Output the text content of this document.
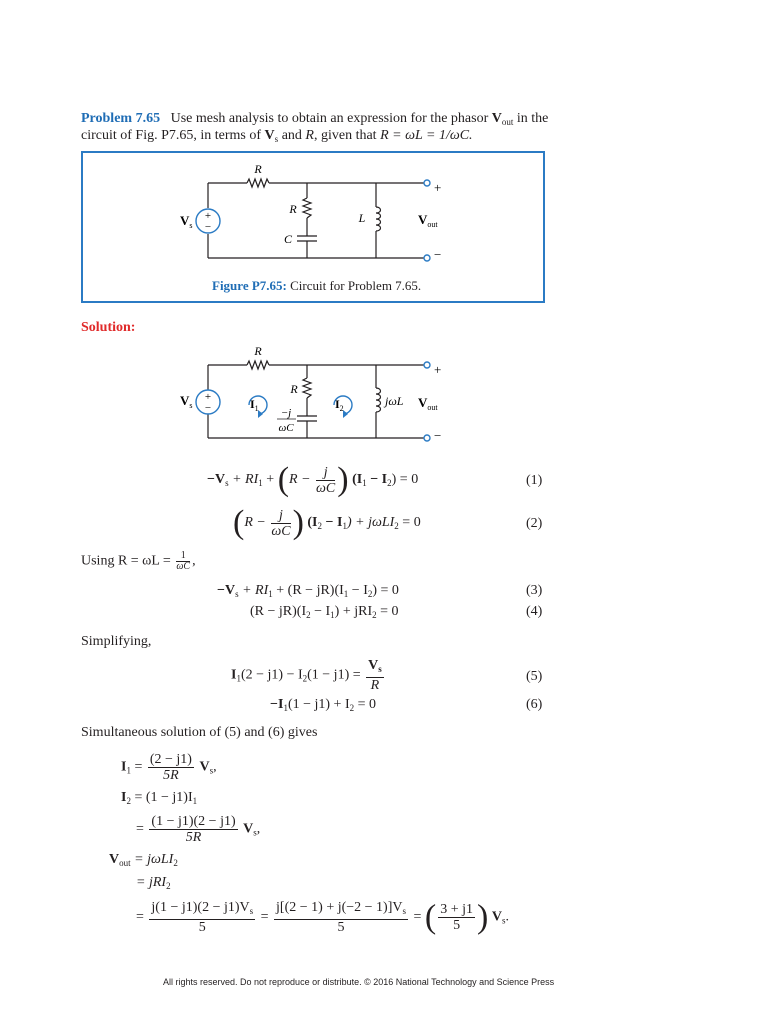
Problem 7.65 Use mesh analysis to obtain an expression for the phasor $V_{out}$ in the
circuit of Fig. P7.65, in terms of $V_s$ and R, given that R = ωL = 1/ωC.
+
−
R
R
C
L
$V_s$	$V_{out}$
+
−
Figure P7.65: Circuit for Problem 7.65.
Solution:
+
−
R
R
−j
ωC
jωL
$I_1$	$I_2$
$V_s$	$V_{out}$
+
−
$-V_s + RI_1 + (R - \frac{j}{\omega C}$ ) $(I_1 - I_2) = 0$	(1)
($R - \frac{j}{\omega C}$ ) $(I_2 - I_1) + j\omega LI_2 = 0$	(2)
Using $R = \omega L = \frac{1}{\omega C}$ ,
$-V_s + RI_1 + (R - jR)(I_1 - I_2) = 0$	(3)
$(R - jR)(I_2 - I_1) + jRI_2 = 0$	(4)
Simplifying,
$I_1(2 - j1) - I_2(1 - j1) = \frac{V_s}{R}$	(5)
$-I_1(1 - j1) + I_2 = 0$	(6)
Simultaneous solution of (5) and (6) gives
$I_1 = \frac{(2 - j1)}{5R} V_s$,
$I_2 = (1 - j1)I_1$
= $\frac{(1 - j1)(2 - j1)}{5R} V_s$,
$V_{out} = j\omega LI_2$
= jRI$_2$
= $\frac{j(1 - j1)(2 - j1)V_s}{5} = \frac{j[(2 - 1) + j(-2 - 1)]V_s}{5}$ = ( $\frac{3 + j1}{5}$ ) $V_s$.
All rights reserved. Do not reproduce or distribute. © 2016 National Technology and Science Press
